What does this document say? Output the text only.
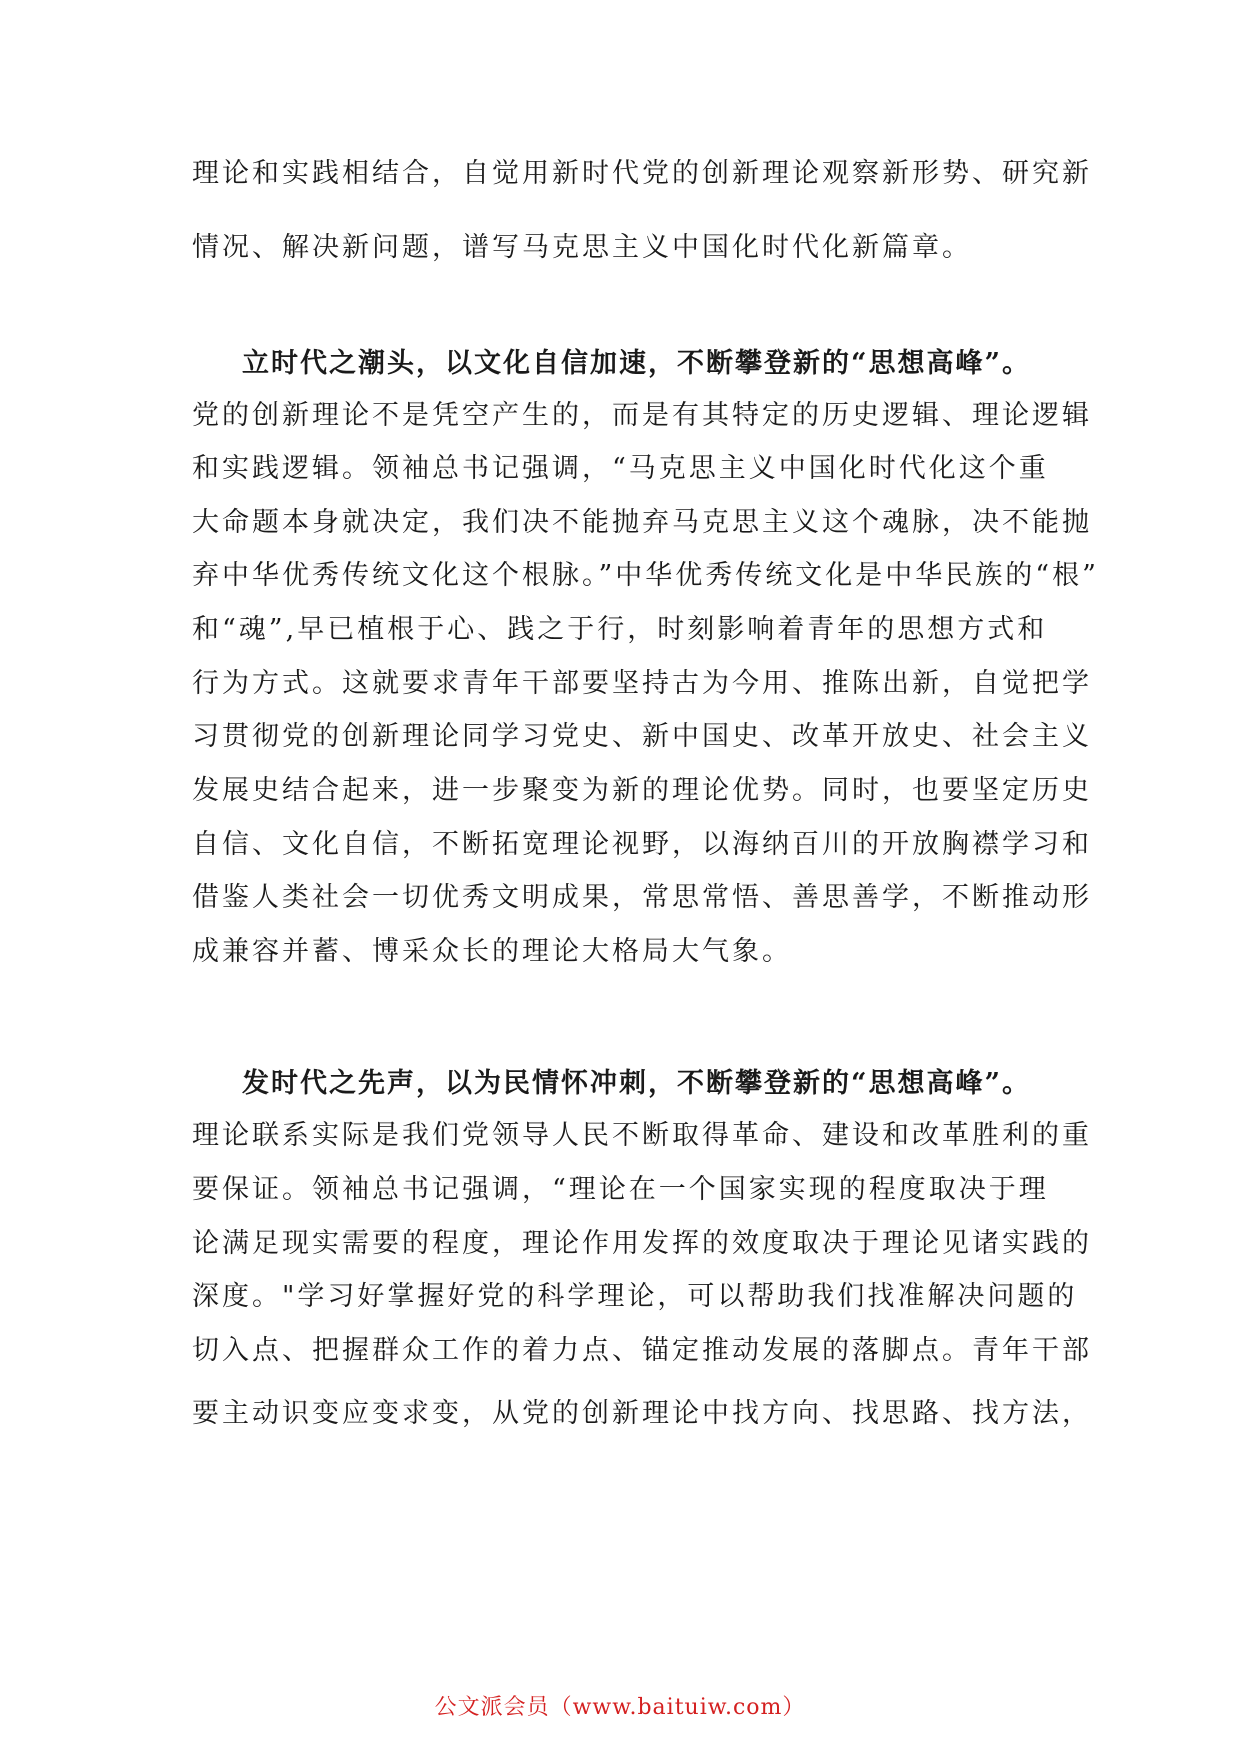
理论和实践相结合，自觉用新时代党的创新理论观察新形势、研究新
情况、解决新问题，谱写马克思主义中国化时代化新篇章。
立时代之潮头，以文化自信加速，不断攀登新的“思想高峰”。
党的创新理论不是凭空产生的，而是有其特定的历史逻辑、理论逻辑
和实践逻辑。领袖总书记强调，“马克思主义中国化时代化这个重
大命题本身就决定，我们决不能抛弃马克思主义这个魂脉，决不能抛
弃中华优秀传统文化这个根脉。”中华优秀传统文化是中华民族的“根”
和“魂”,早已植根于心、践之于行，时刻影响着青年的思想方式和
行为方式。这就要求青年干部要坚持古为今用、推陈出新，自觉把学
习贯彻党的创新理论同学习党史、新中国史、改革开放史、社会主义
发展史结合起来，进一步聚变为新的理论优势。同时，也要坚定历史
自信、文化自信，不断拓宽理论视野，以海纳百川的开放胸襟学习和
借鉴人类社会一切优秀文明成果，常思常悟、善思善学，不断推动形
成兼容并蓄、博采众长的理论大格局大气象。
发时代之先声，以为民情怀冲刺，不断攀登新的“思想高峰”。
理论联系实际是我们党领导人民不断取得革命、建设和改革胜利的重
要保证。领袖总书记强调，“理论在一个国家实现的程度取决于理
论满足现实需要的程度，理论作用发挥的效度取决于理论见诸实践的
深度。"学习好掌握好党的科学理论，可以帮助我们找准解决问题的
切入点、把握群众工作的着力点、锚定推动发展的落脚点。青年干部
要主动识变应变求变，从党的创新理论中找方向、找思路、找方法，
公文派会员（www.baituiw.com）
